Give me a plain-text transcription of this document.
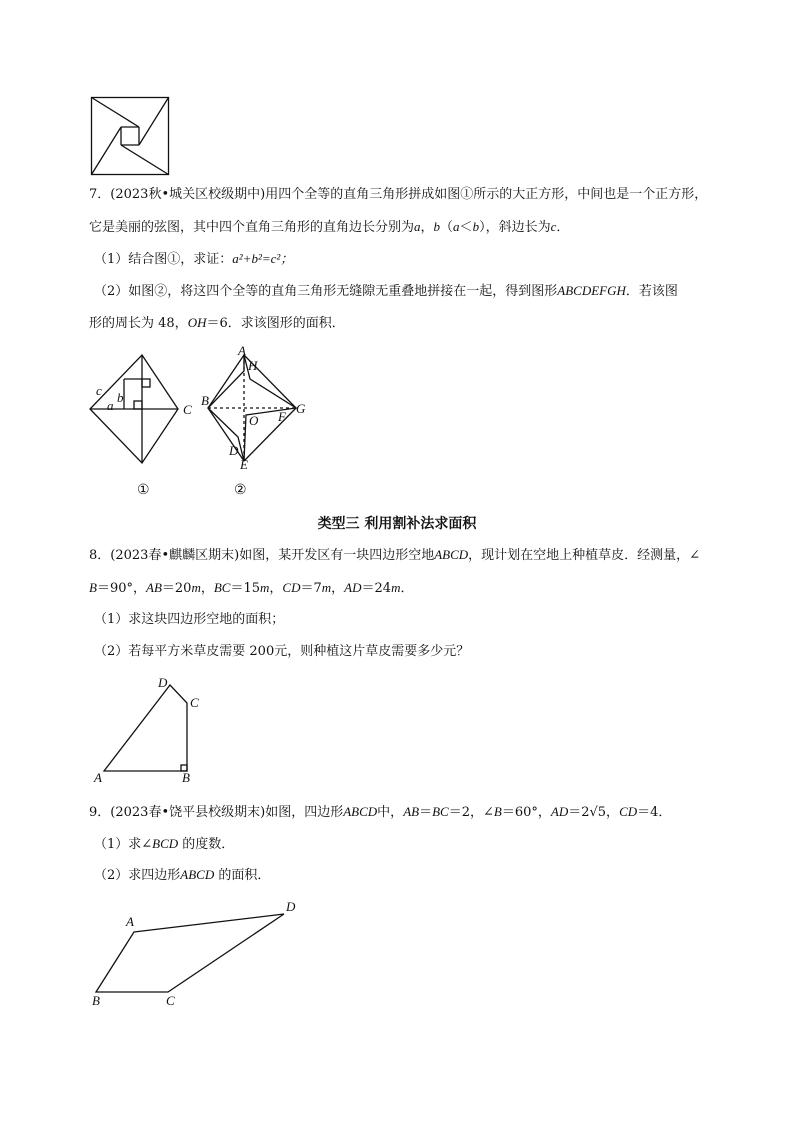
7．(2023秋•城关区校级期中)用四个全等的直角三角形拼成如图①所示的大正方形，中间也是一个正方形，
它是美丽的弦图，其中四个直角三角形的直角边长分别为a，b（a＜b），斜边长为c．
（1）结合图①，求证：a²+b²=c²；
（2）如图②，将这四个全等的直角三角形无缝隙无重叠地拼接在一起，得到图形ABCDEFGH．若该图
形的周长为 48，OH＝6．求该图形的面积．
c b
a	C
A
H
B
G
O F
D
E
①	②
类型三 利用割补法求面积
8．(2023春•麒麟区期末)如图，某开发区有一块四边形空地ABCD，现计划在空地上种植草皮．经测量，∠
B＝90°，AB＝20m，BC＝15m，CD＝7m，AD＝24m．
（1）求这块四边形空地的面积；
（2）若每平方米草皮需要 200元，则种植这片草皮需要多少元？
D
C
A	B
9．(2023春•饶平县校级期末)如图，四边形ABCD中，AB＝BC＝2，∠B＝60°，AD＝2√5，CD＝4．
（1）求∠BCD 的度数．
（2）求四边形ABCD 的面积．
A
D
B	C
